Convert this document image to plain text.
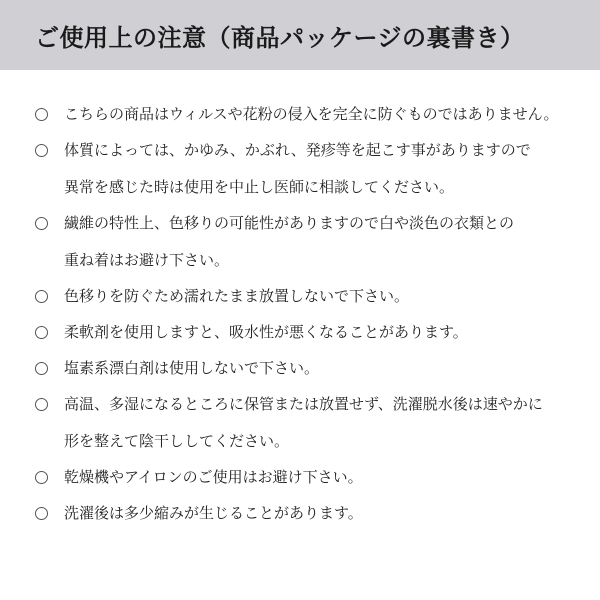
ご使用上の注意（商品パッケージの裏書き）
こちらの商品はウィルスや花粉の侵入を完全に防ぐものではありません。
体質によっては、かゆみ、かぶれ、発疹等を起こす事がありますので
異常を感じた時は使用を中止し医師に相談してください。
繊維の特性上、色移りの可能性がありますので白や淡色の衣類との
重ね着はお避け下さい。
色移りを防ぐため濡れたまま放置しないで下さい。
柔軟剤を使用しますと、吸水性が悪くなることがあります。
塩素系漂白剤は使用しないで下さい。
高温、多湿になるところに保管または放置せず、洗濯脱水後は速やかに
形を整えて陰干ししてください。
乾燥機やアイロンのご使用はお避け下さい。
洗濯後は多少縮みが生じることがあります。
